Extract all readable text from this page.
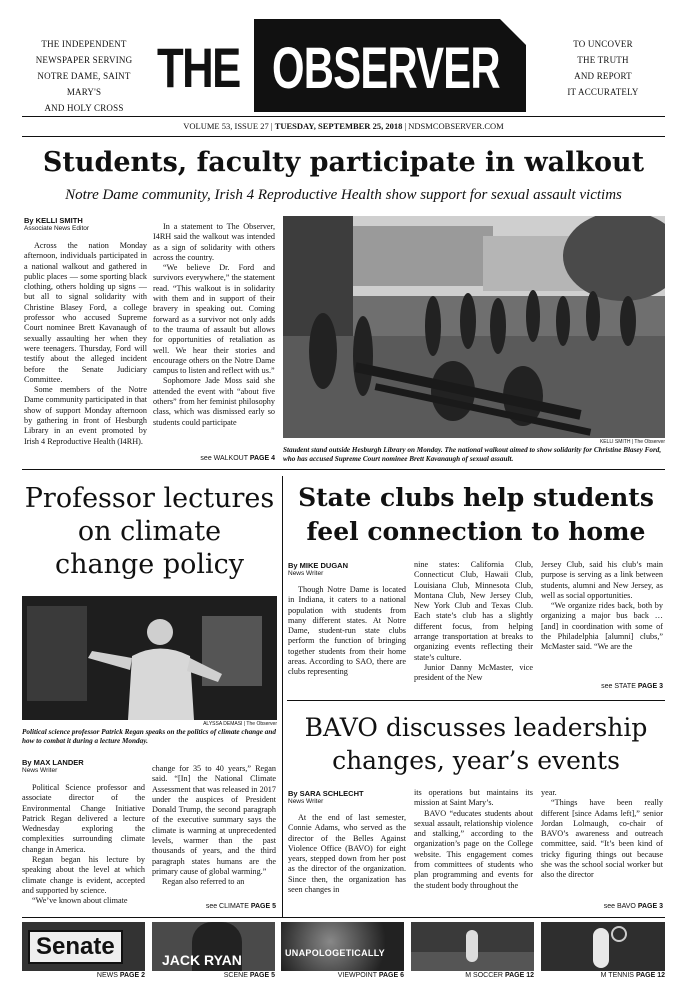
THE INDEPENDENT
NEWSPAPER SERVING
NOTRE DAME, SAINT MARY'S
AND HOLY CROSS
THE OBSERVER	TO UNCOVER
THE TRUTH
AND REPORT
IT ACCURATELY
VOLUME 53, ISSUE 27 | TUESDAY, SEPTEMBER 25, 2018 | NDSMCOBSERVER.COM
Students, faculty participate in walkout
Notre Dame community, Irish 4 Reproductive Health show support for sexual assault victims
By KELLI SMITH
Associate News Editor

Across the nation Monday afternoon, individuals participated in a national walkout and gathered in public places — some sporting black clothing, others holding up signs — but all to signal solidarity with Christine Blasey Ford, a college professor who accused Supreme Court nominee Brett Kavanaugh of sexually assaulting her when they were teenagers. Thursday, Ford will testify about the alleged incident before the Senate Judiciary Committee.

Some members of the Notre Dame community participated in that show of support Monday afternoon by gathering in front of Hesburgh Library in an event promoted by Irish 4 Reproductive Health (I4RH).

In a statement to The Observer, I4RH said the walkout was intended as a sign of solidarity with others across the country.

“We believe Dr. Ford and survivors everywhere,” the statement read. “This walkout is in solidarity with them and in support of their bravery in speaking out. Coming forward as a survivor not only adds to the trauma of assault but allows for opportunities of retaliation as well. We hear their stories and encourage others on the Notre Dame campus to listen and reflect with us.”

Sophomore Jade Moss said she attended the event with “about five others” from her feminist philosophy class, which was dismissed early so students could participate

see WALKOUT PAGE 4
KELLI SMITH | The Observer
Staudent stand outside Hesburgh Library on Monday. The national walkout aimed to show solidarity for Christine Blasey Ford, who has accused Supreme Court nominee Brett Kavanaugh of sexual assault.
Professor lectures
on climate
change policy
ALYSSA DEMASI | The Observer
Political science professor Patrick Regan speaks on the politics of climate change and how to combat it during a lecture Monday.
By MAX LANDER
News Writer

Political Science professor and associate director of the Environmental Change Initiative Patrick Regan delivered a lecture Wednesday exploring the complexities surrounding climate change in America.

Regan began his lecture by speaking about the level at which climate change is evident, accepted and supported by science.

“We’ve known about climate

change for 35 to 40 years,” Regan said. “[In] the National Climate Assessment that was released in 2017 under the auspices of President Donald Trump, the second paragraph of the executive summary says the climate is warming at unprecedented levels, warmer than the past thousands of years, and the third paragraph states humans are the primary cause of global warming.”

Regan also referred to an

see CLIMATE PAGE 5
State clubs help students
feel connection to home
By MIKE DUGAN
News Writer

Though Notre Dame is located in Indiana, it caters to a national population with students from many different states. At Notre Dame, student-run state clubs perform the function of bringing together students from their home areas. According to SAO, there are clubs representing

nine states: California Club, Connecticut Club, Hawaii Club, Louisiana Club, Minnesota Club, Montana Club, New Jersey Club, New York Club and Texas Club. Each state’s club has a slightly different focus, from helping arrange transportation at breaks to organizing events reflecting their state’s culture.

Junior Danny McMaster, vice president of the New

Jersey Club, said his club’s main purpose is serving as a link between students, alumni and New Jersey, as well as social opportunities.

“We organize rides back, both by organizing a major bus back … [and] in coordination with some of the Philadelphia [alumni] clubs,” McMaster said. “We are the

see STATE PAGE 3
BAVO discusses leadership
changes, year’s events
By SARA SCHLECHT
News Writer

At the end of last semester, Connie Adams, who served as the director of the Belles Against Violence Office (BAVO) for eight years, stepped down from her post as the director of the organization. Since then, the organization has seen changes in

its operations but maintains its mission at Saint Mary’s.

BAVO “educates students about sexual assault, relationship violence and stalking,” according to the organization’s page on the College website. This engagement comes from committees of students who plan programming and events for the student body throughout the

year.

“Things have been really different [since Adams left],” senior Jordan Lolmaugh, co-chair of BAVO’s awareness and outreach committee, said. “It’s been kind of tricky figuring things out because she was the school social worker but also the director

see BAVO PAGE 3
Senate
NEWS PAGE 2
JACK RYAN
SCENE PAGE 5
UNAPOLOGETICALLY
VIEWPOINT PAGE 6	M SOCCER PAGE 12	M TENNIS PAGE 12
